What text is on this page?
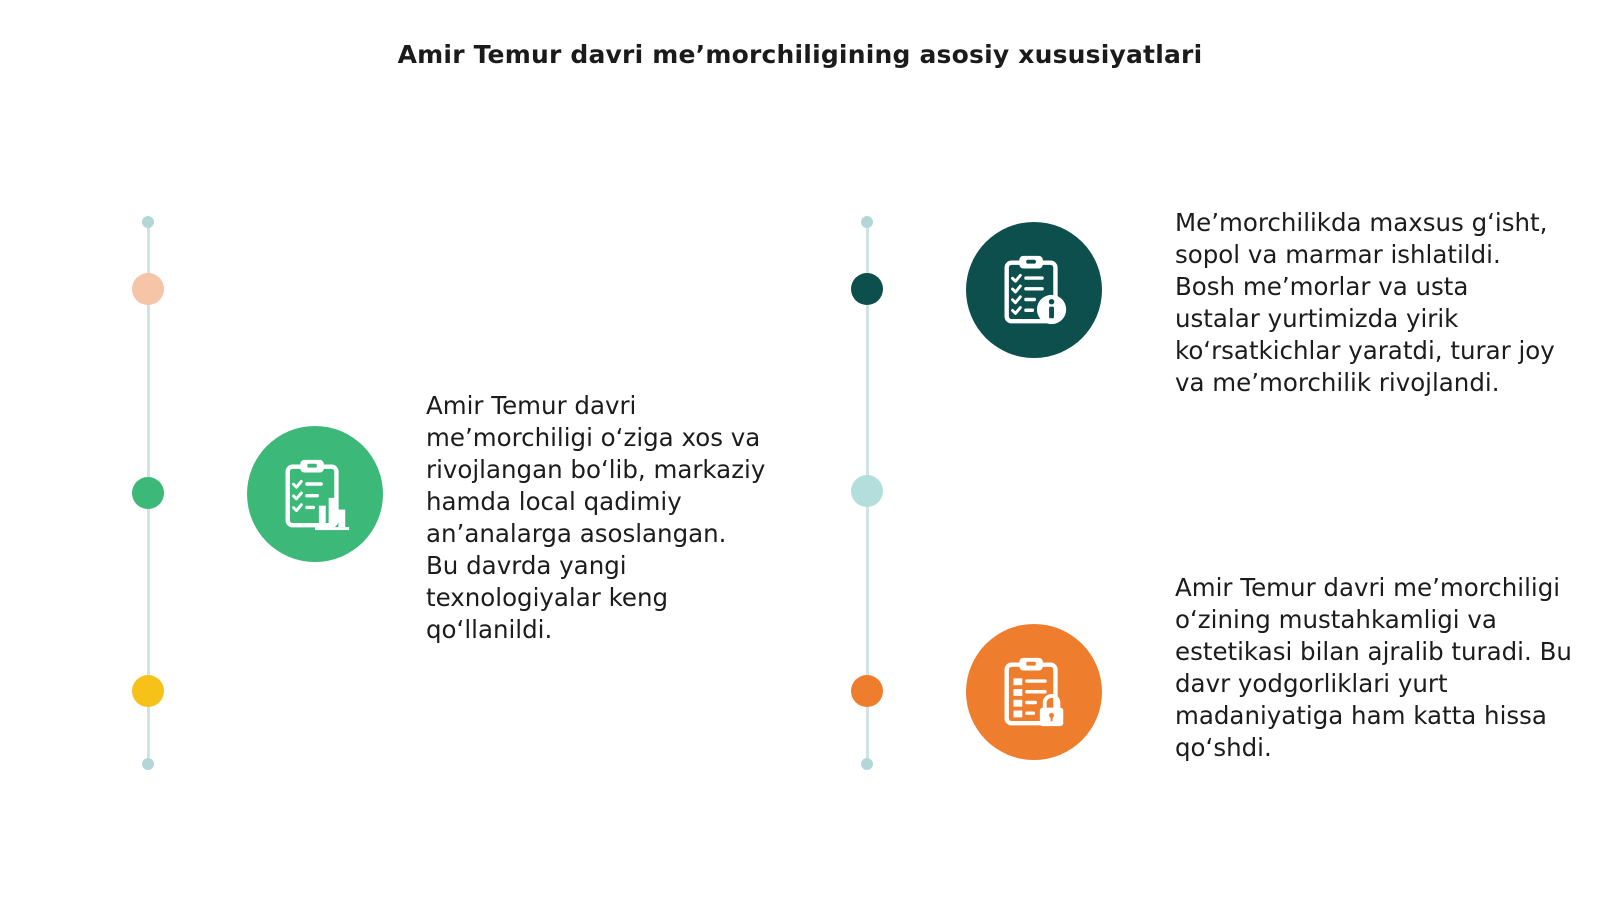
Amir Temur davri me’morchiligining asosiy xususiyatlari
Amir Temur davri me’morchiligi o‘ziga xos va rivojlangan bo‘lib, markaziy hamda local qadimiy an’analarga asoslangan. Bu davrda yangi texnologiyalar keng qo‘llanildi.
Me’morchilikda maxsus g‘isht, sopol va marmar ishlatildi. Bosh me’morlar va usta ustalar yurtimizda yirik ko‘rsatkichlar yaratdi, turar joy va me’morchilik rivojlandi.
Amir Temur davri me’morchiligi o‘zining mustahkamligi va estetikasi bilan ajralib turadi. Bu davr yodgorliklari yurt madaniyatiga ham katta hissa qo‘shdi.
